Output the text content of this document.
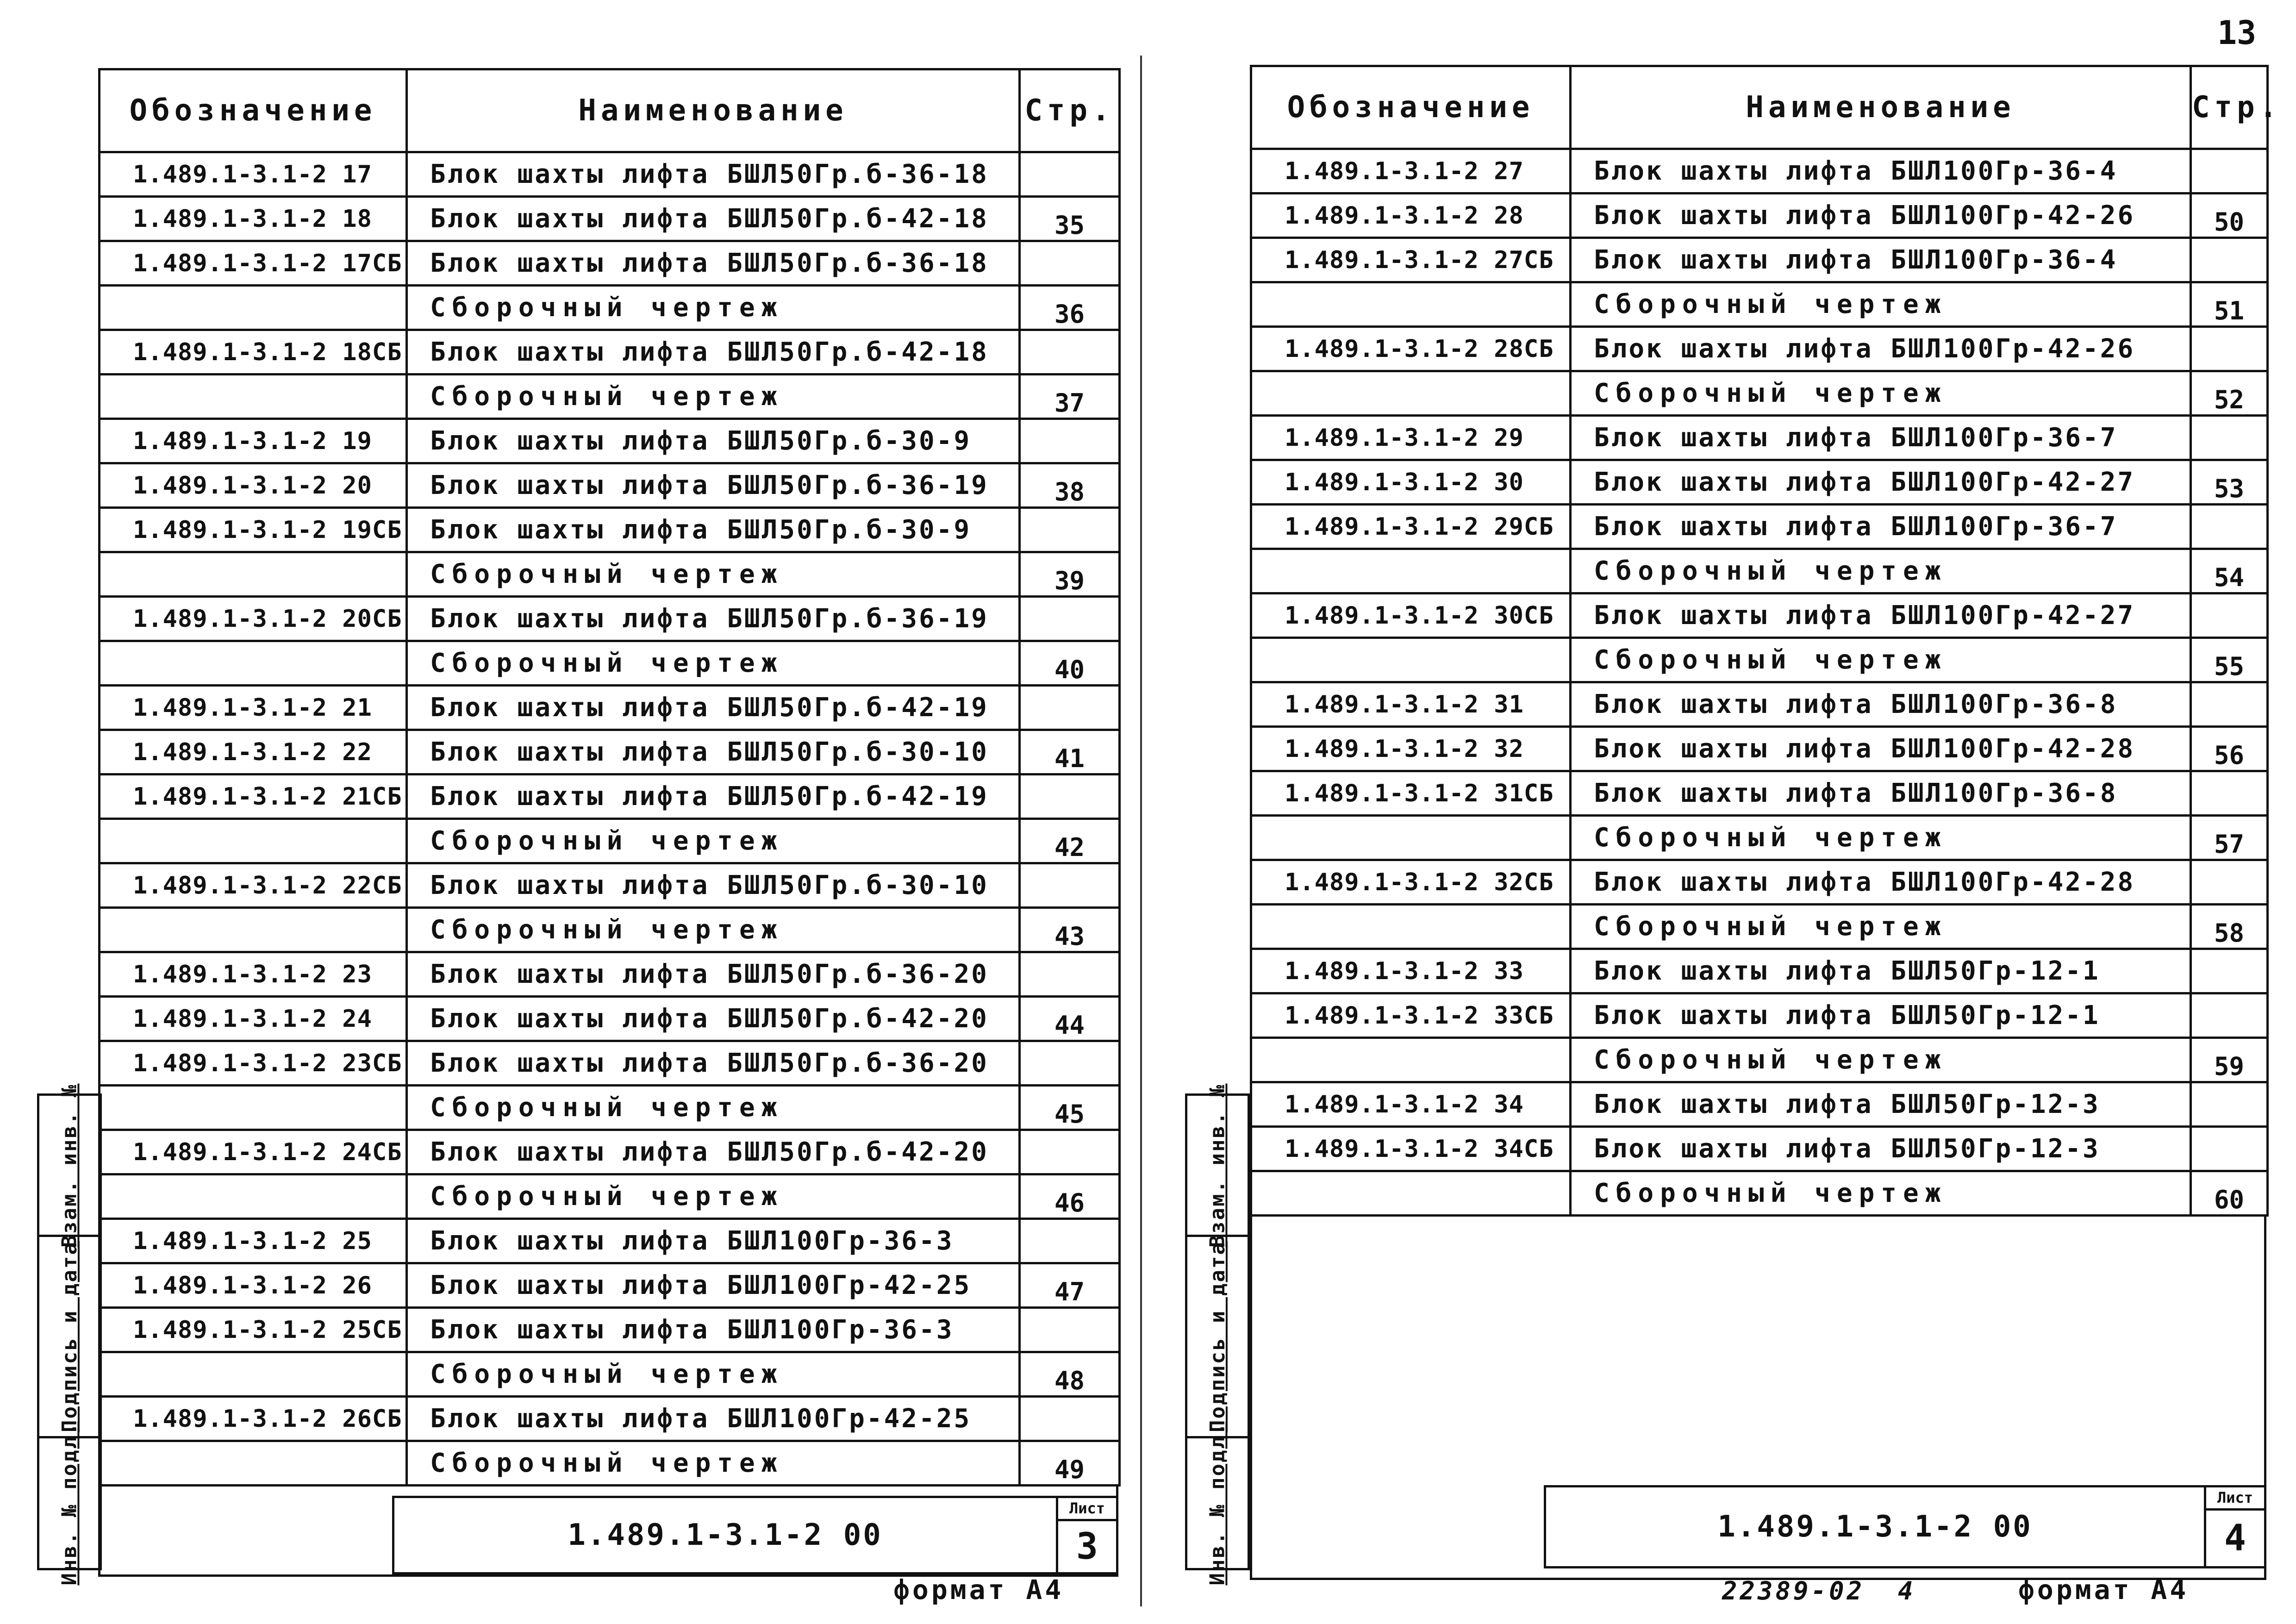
Обозначение	Наименование	Стр.
1.489.1-3.1-2 17	Блок шахты лифта БШЛ50Гр.б-36-18	
1.489.1-3.1-2 18	Блок шахты лифта БШЛ50Гр.б-42-18	35
1.489.1-3.1-2 17СБ	Блок шахты лифта БШЛ50Гр.б-36-18	
	Сборочный чертеж	36
1.489.1-3.1-2 18СБ	Блок шахты лифта БШЛ50Гр.б-42-18	
	Сборочный чертеж	37
1.489.1-3.1-2 19	Блок шахты лифта БШЛ50Гр.б-30-9	
1.489.1-3.1-2 20	Блок шахты лифта БШЛ50Гр.б-36-19	38
1.489.1-3.1-2 19СБ	Блок шахты лифта БШЛ50Гр.б-30-9	
	Сборочный чертеж	39
1.489.1-3.1-2 20СБ	Блок шахты лифта БШЛ50Гр.б-36-19	
	Сборочный чертеж	40
1.489.1-3.1-2 21	Блок шахты лифта БШЛ50Гр.б-42-19	
1.489.1-3.1-2 22	Блок шахты лифта БШЛ50Гр.б-30-10	41
1.489.1-3.1-2 21СБ	Блок шахты лифта БШЛ50Гр.б-42-19	
	Сборочный чертеж	42
1.489.1-3.1-2 22СБ	Блок шахты лифта БШЛ50Гр.б-30-10	
	Сборочный чертеж	43
1.489.1-3.1-2 23	Блок шахты лифта БШЛ50Гр.б-36-20	
1.489.1-3.1-2 24	Блок шахты лифта БШЛ50Гр.б-42-20	44
1.489.1-3.1-2 23СБ	Блок шахты лифта БШЛ50Гр.б-36-20	
	Сборочный чертеж	45
1.489.1-3.1-2 24СБ	Блок шахты лифта БШЛ50Гр.б-42-20	
	Сборочный чертеж	46
1.489.1-3.1-2 25	Блок шахты лифта БШЛ100Гр-36-3	
1.489.1-3.1-2 26	Блок шахты лифта БШЛ100Гр-42-25	47
1.489.1-3.1-2 25СБ	Блок шахты лифта БШЛ100Гр-36-3	
	Сборочный чертеж	48
1.489.1-3.1-2 26СБ	Блок шахты лифта БШЛ100Гр-42-25	
	Сборочный чертеж	49
1.489.1-3.1-2 00
Лист
3
Взам. инв. №
Подпись и дата
Инв. № подл.
формат А4
Обозначение	Наименование	Стр.
1.489.1-3.1-2 27	Блок шахты лифта БШЛ100Гр-36-4	
1.489.1-3.1-2 28	Блок шахты лифта БШЛ100Гр-42-26	50
1.489.1-3.1-2 27СБ	Блок шахты лифта БШЛ100Гр-36-4	
	Сборочный чертеж	51
1.489.1-3.1-2 28СБ	Блок шахты лифта БШЛ100Гр-42-26	
	Сборочный чертеж	52
1.489.1-3.1-2 29	Блок шахты лифта БШЛ100Гр-36-7	
1.489.1-3.1-2 30	Блок шахты лифта БШЛ100Гр-42-27	53
1.489.1-3.1-2 29СБ	Блок шахты лифта БШЛ100Гр-36-7	
	Сборочный чертеж	54
1.489.1-3.1-2 30СБ	Блок шахты лифта БШЛ100Гр-42-27	
	Сборочный чертеж	55
1.489.1-3.1-2 31	Блок шахты лифта БШЛ100Гр-36-8	
1.489.1-3.1-2 32	Блок шахты лифта БШЛ100Гр-42-28	56
1.489.1-3.1-2 31СБ	Блок шахты лифта БШЛ100Гр-36-8	
	Сборочный чертеж	57
1.489.1-3.1-2 32СБ	Блок шахты лифта БШЛ100Гр-42-28	
	Сборочный чертеж	58
1.489.1-3.1-2 33	Блок шахты лифта БШЛ50Гр-12-1	
1.489.1-3.1-2 33СБ	Блок шахты лифта БШЛ50Гр-12-1	
	Сборочный чертеж	59
1.489.1-3.1-2 34	Блок шахты лифта БШЛ50Гр-12-3	
1.489.1-3.1-2 34СБ	Блок шахты лифта БШЛ50Гр-12-3	
	Сборочный чертеж	60
1.489.1-3.1-2 00
Лист
4
Взам. инв. №
Подпись и дата
Инв. № подл.
22389-02 4	формат А4
13
